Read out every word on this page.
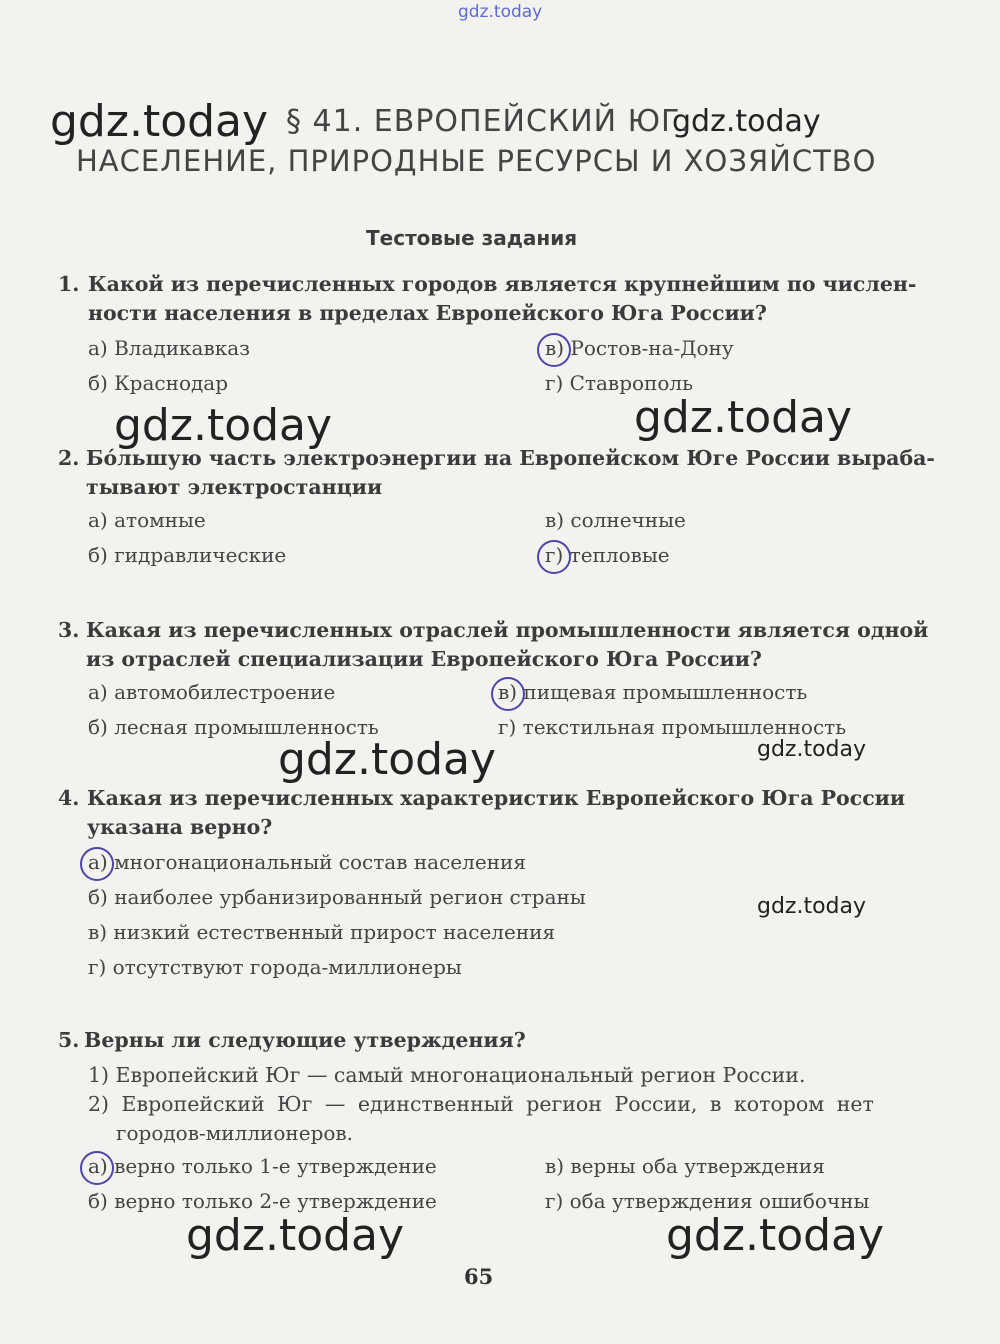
gdz.today
gdz.today	gdz.today
gdz.today	gdz.today
gdz.today	gdz.today
gdz.today
gdz.today	gdz.today
§ 41. ЕВРОПЕЙСКИЙ ЮГ.
НАСЕЛЕНИЕ, ПРИРОДНЫЕ РЕСУРСЫ И ХОЗЯЙСТВО
Тестовые задания
1. Какой из перечисленных городов является крупнейшим по числен-
ности населения в пределах Европейского Юга России?
а) Владикавказ	в) Ростов-на-Дону
б) Краснодар	г) Ставрополь
2. Бо́льшую часть электроэнергии на Европейском Юге России выраба-
тывают электростанции
а) атомные	в) солнечные
б) гидравлические	г) тепловые
3. Какая из перечисленных отраслей промышленности является одной
из отраслей специализации Европейского Юга России?
а) автомобилестроение	в) пищевая промышленность
б) лесная промышленность	г) текстильная промышленность
4. Какая из перечисленных характеристик Европейского Юга России
указана верно?
а) многонациональный состав населения
б) наиболее урбанизированный регион страны
в) низкий естественный прирост населения
г) отсутствуют города-миллионеры
5. Верны ли следующие утверждения?
1) Европейский Юг — самый многонациональный регион России.
2) Европейский Юг — единственный регион России, в котором нет
городов-миллионеров.
а) верно только 1-е утверждение	в) верны оба утверждения
б) верно только 2-е утверждение	г) оба утверждения ошибочны
65
